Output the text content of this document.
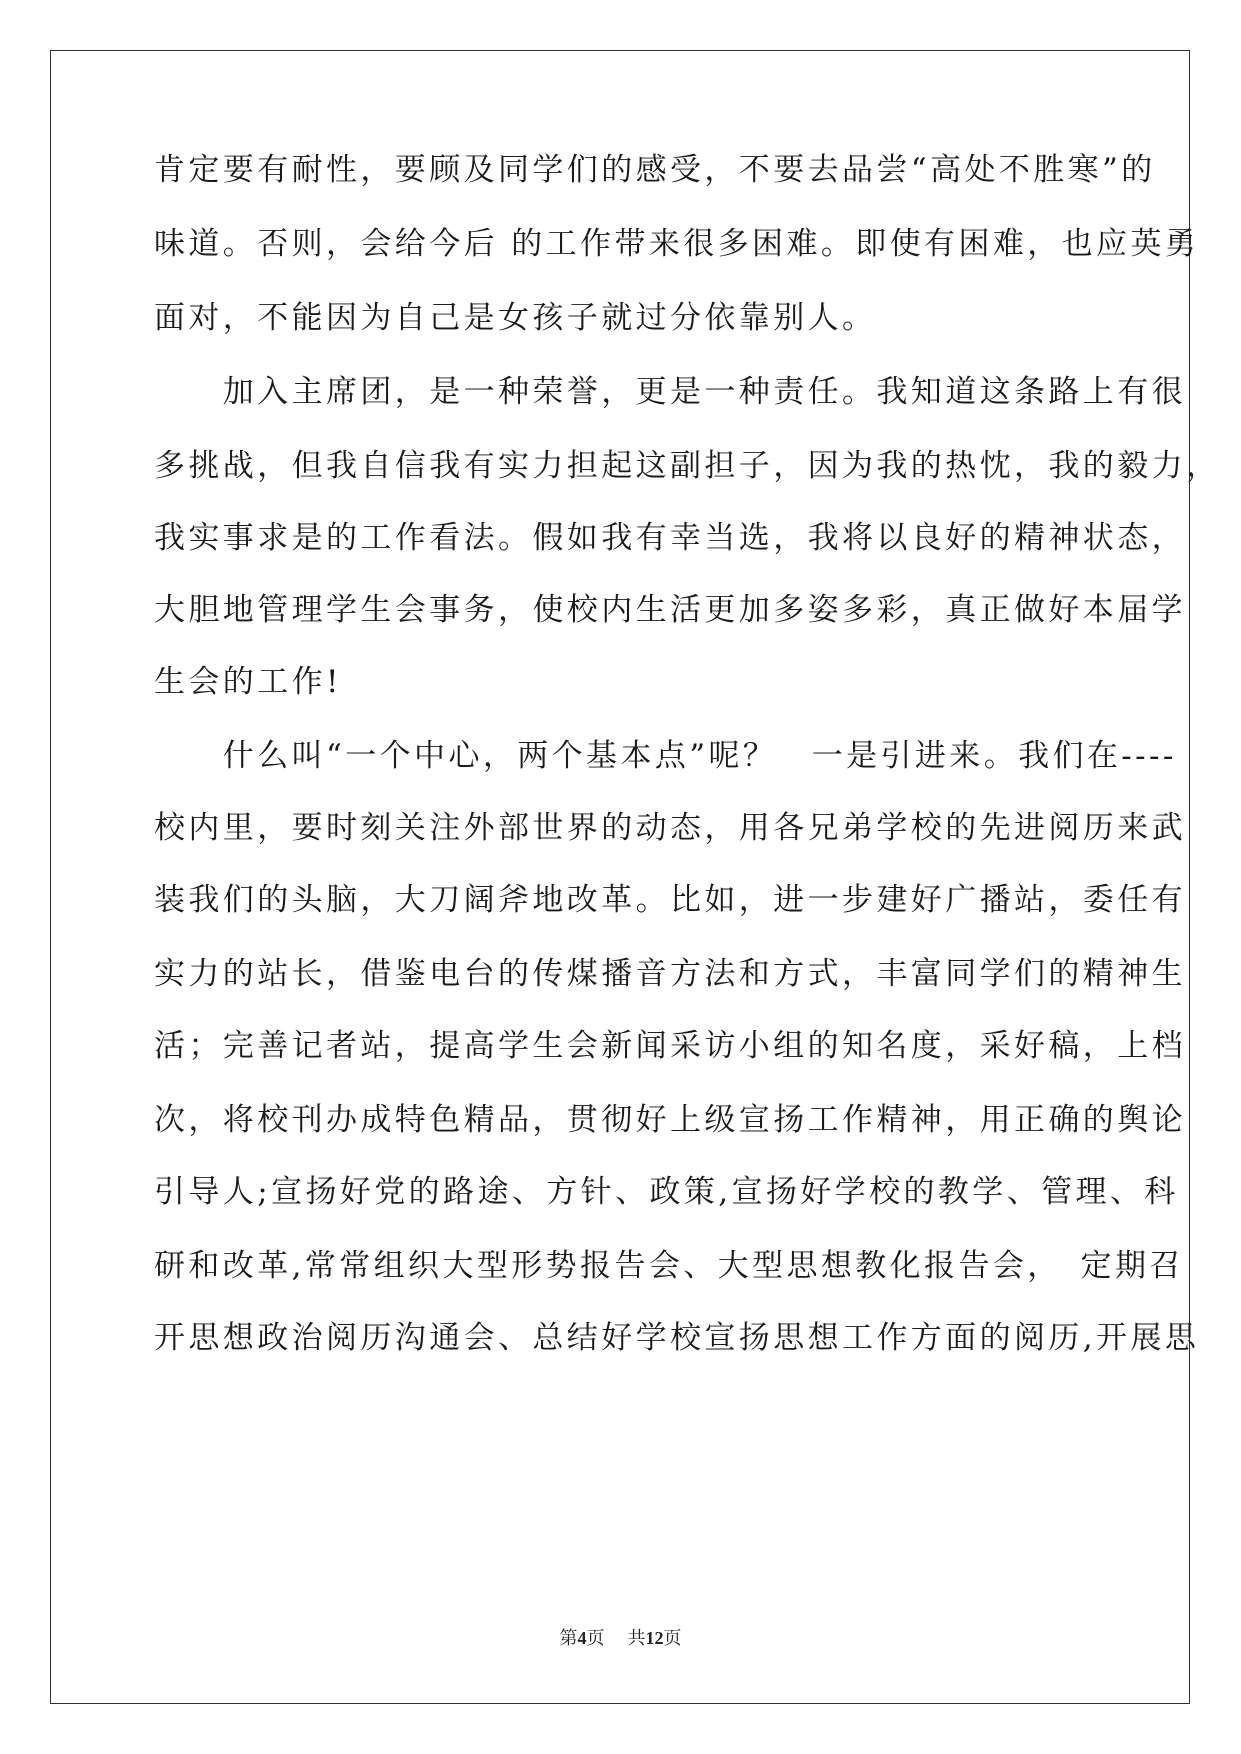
肯定要有耐性，要顾及同学们的感受，不要去品尝“高处不胜寒”的
味道。否则，会给今后 的工作带来很多困难。即使有困难，也应英勇
面对，不能因为自己是女孩子就过分依靠别人。
　　加入主席团，是一种荣誉，更是一种责任。我知道这条路上有很
多挑战，但我自信我有实力担起这副担子，因为我的热忱，我的毅力，
我实事求是的工作看法。假如我有幸当选，我将以良好的精神状态，
大胆地管理学生会事务，使校内生活更加多姿多彩，真正做好本届学
生会的工作!
　　什么叫“一个中心，两个基本点”呢？　一是引进来。我们在----
校内里，要时刻关注外部世界的动态，用各兄弟学校的先进阅历来武
装我们的头脑，大刀阔斧地改革。比如，进一步建好广播站，委任有
实力的站长，借鉴电台的传煤播音方法和方式，丰富同学们的精神生
活；完善记者站，提高学生会新闻采访小组的知名度，采好稿，上档
次，将校刊办成特色精品，贯彻好上级宣扬工作精神，用正确的舆论
引导人;宣扬好党的路途、方针、政策,宣扬好学校的教学、管理、科
研和改革,常常组织大型形势报告会、大型思想教化报告会，　定期召
开思想政治阅历沟通会、总结好学校宣扬思想工作方面的阅历,开展思
第4页 共12页
